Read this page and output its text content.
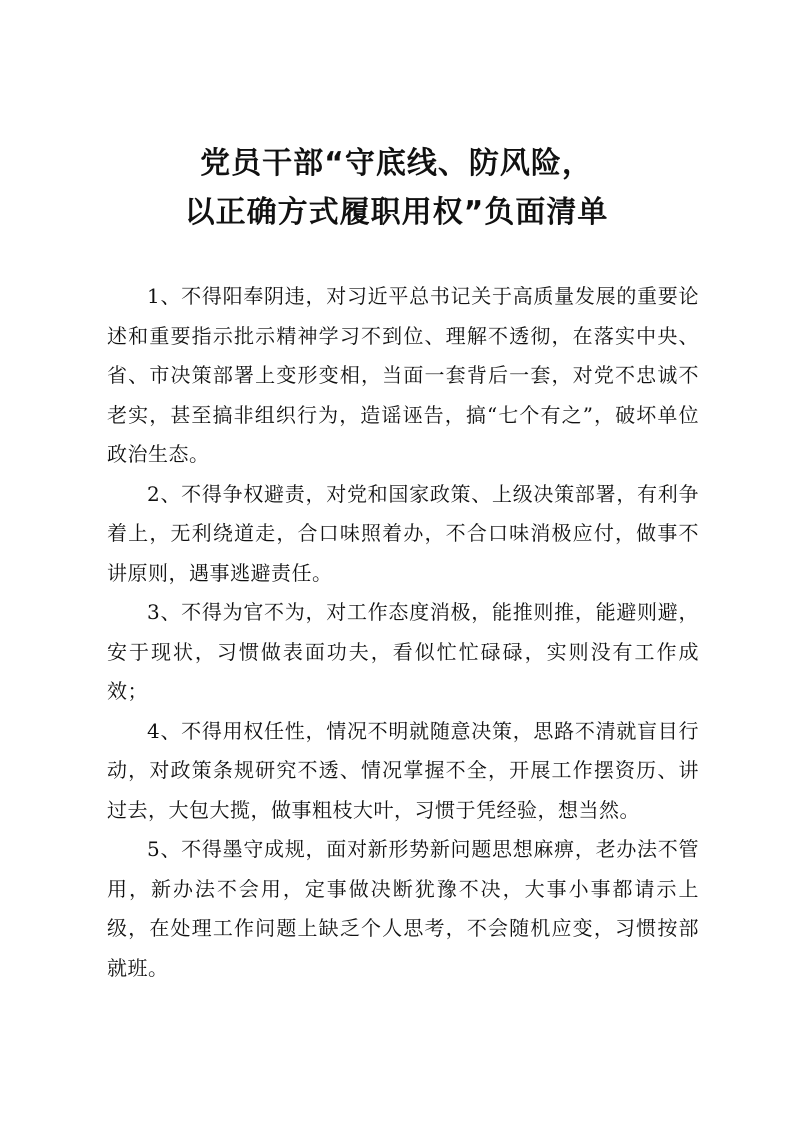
党员干部“守底线、防风险，
以正确方式履职用权”负面清单

1、不得阳奉阴违，对习近平总书记关于高质量发展的重要论述和重要指示批示精神学习不到位、理解不透彻，在落实中央、省、市决策部署上变形变相，当面一套背后一套，对党不忠诚不老实，甚至搞非组织行为，造谣诬告，搞“七个有之”，破坏单位政治生态。

2、不得争权避责，对党和国家政策、上级决策部署，有利争着上，无利绕道走，合口味照着办，不合口味消极应付，做事不讲原则，遇事逃避责任。

3、不得为官不为，对工作态度消极，能推则推，能避则避，安于现状，习惯做表面功夫，看似忙忙碌碌，实则没有工作成效；

4、不得用权任性，情况不明就随意决策，思路不清就盲目行动，对政策条规研究不透、情况掌握不全，开展工作摆资历、讲过去，大包大揽，做事粗枝大叶，习惯于凭经验，想当然。

5、不得墨守成规，面对新形势新问题思想麻痹，老办法不管用，新办法不会用，定事做决断犹豫不决，大事小事都请示上级，在处理工作问题上缺乏个人思考，不会随机应变，习惯按部就班。
